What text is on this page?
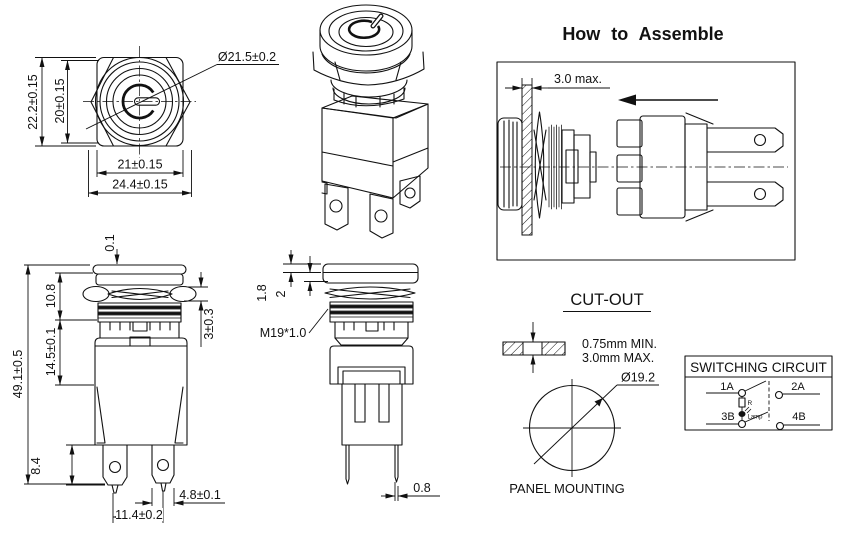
22.2±0.15 20±0.15
21±0.15
24.4±0.15
Ø21.5±0.2
How to Assemble
3.0 max.
49.1±0.5
0.1
10.8
14.5±0.1
3±0.3
8.4
4.8±0.1
11.4±0.2
1.8 2
M19*1.0
0.8
CUT-OUT
0.75mm MIN.
3.0mm MAX.
Ø19.2
PANEL MOUNTING
SWITCHING CIRCUIT
1A	2A
3B	4B
R
Lamp
